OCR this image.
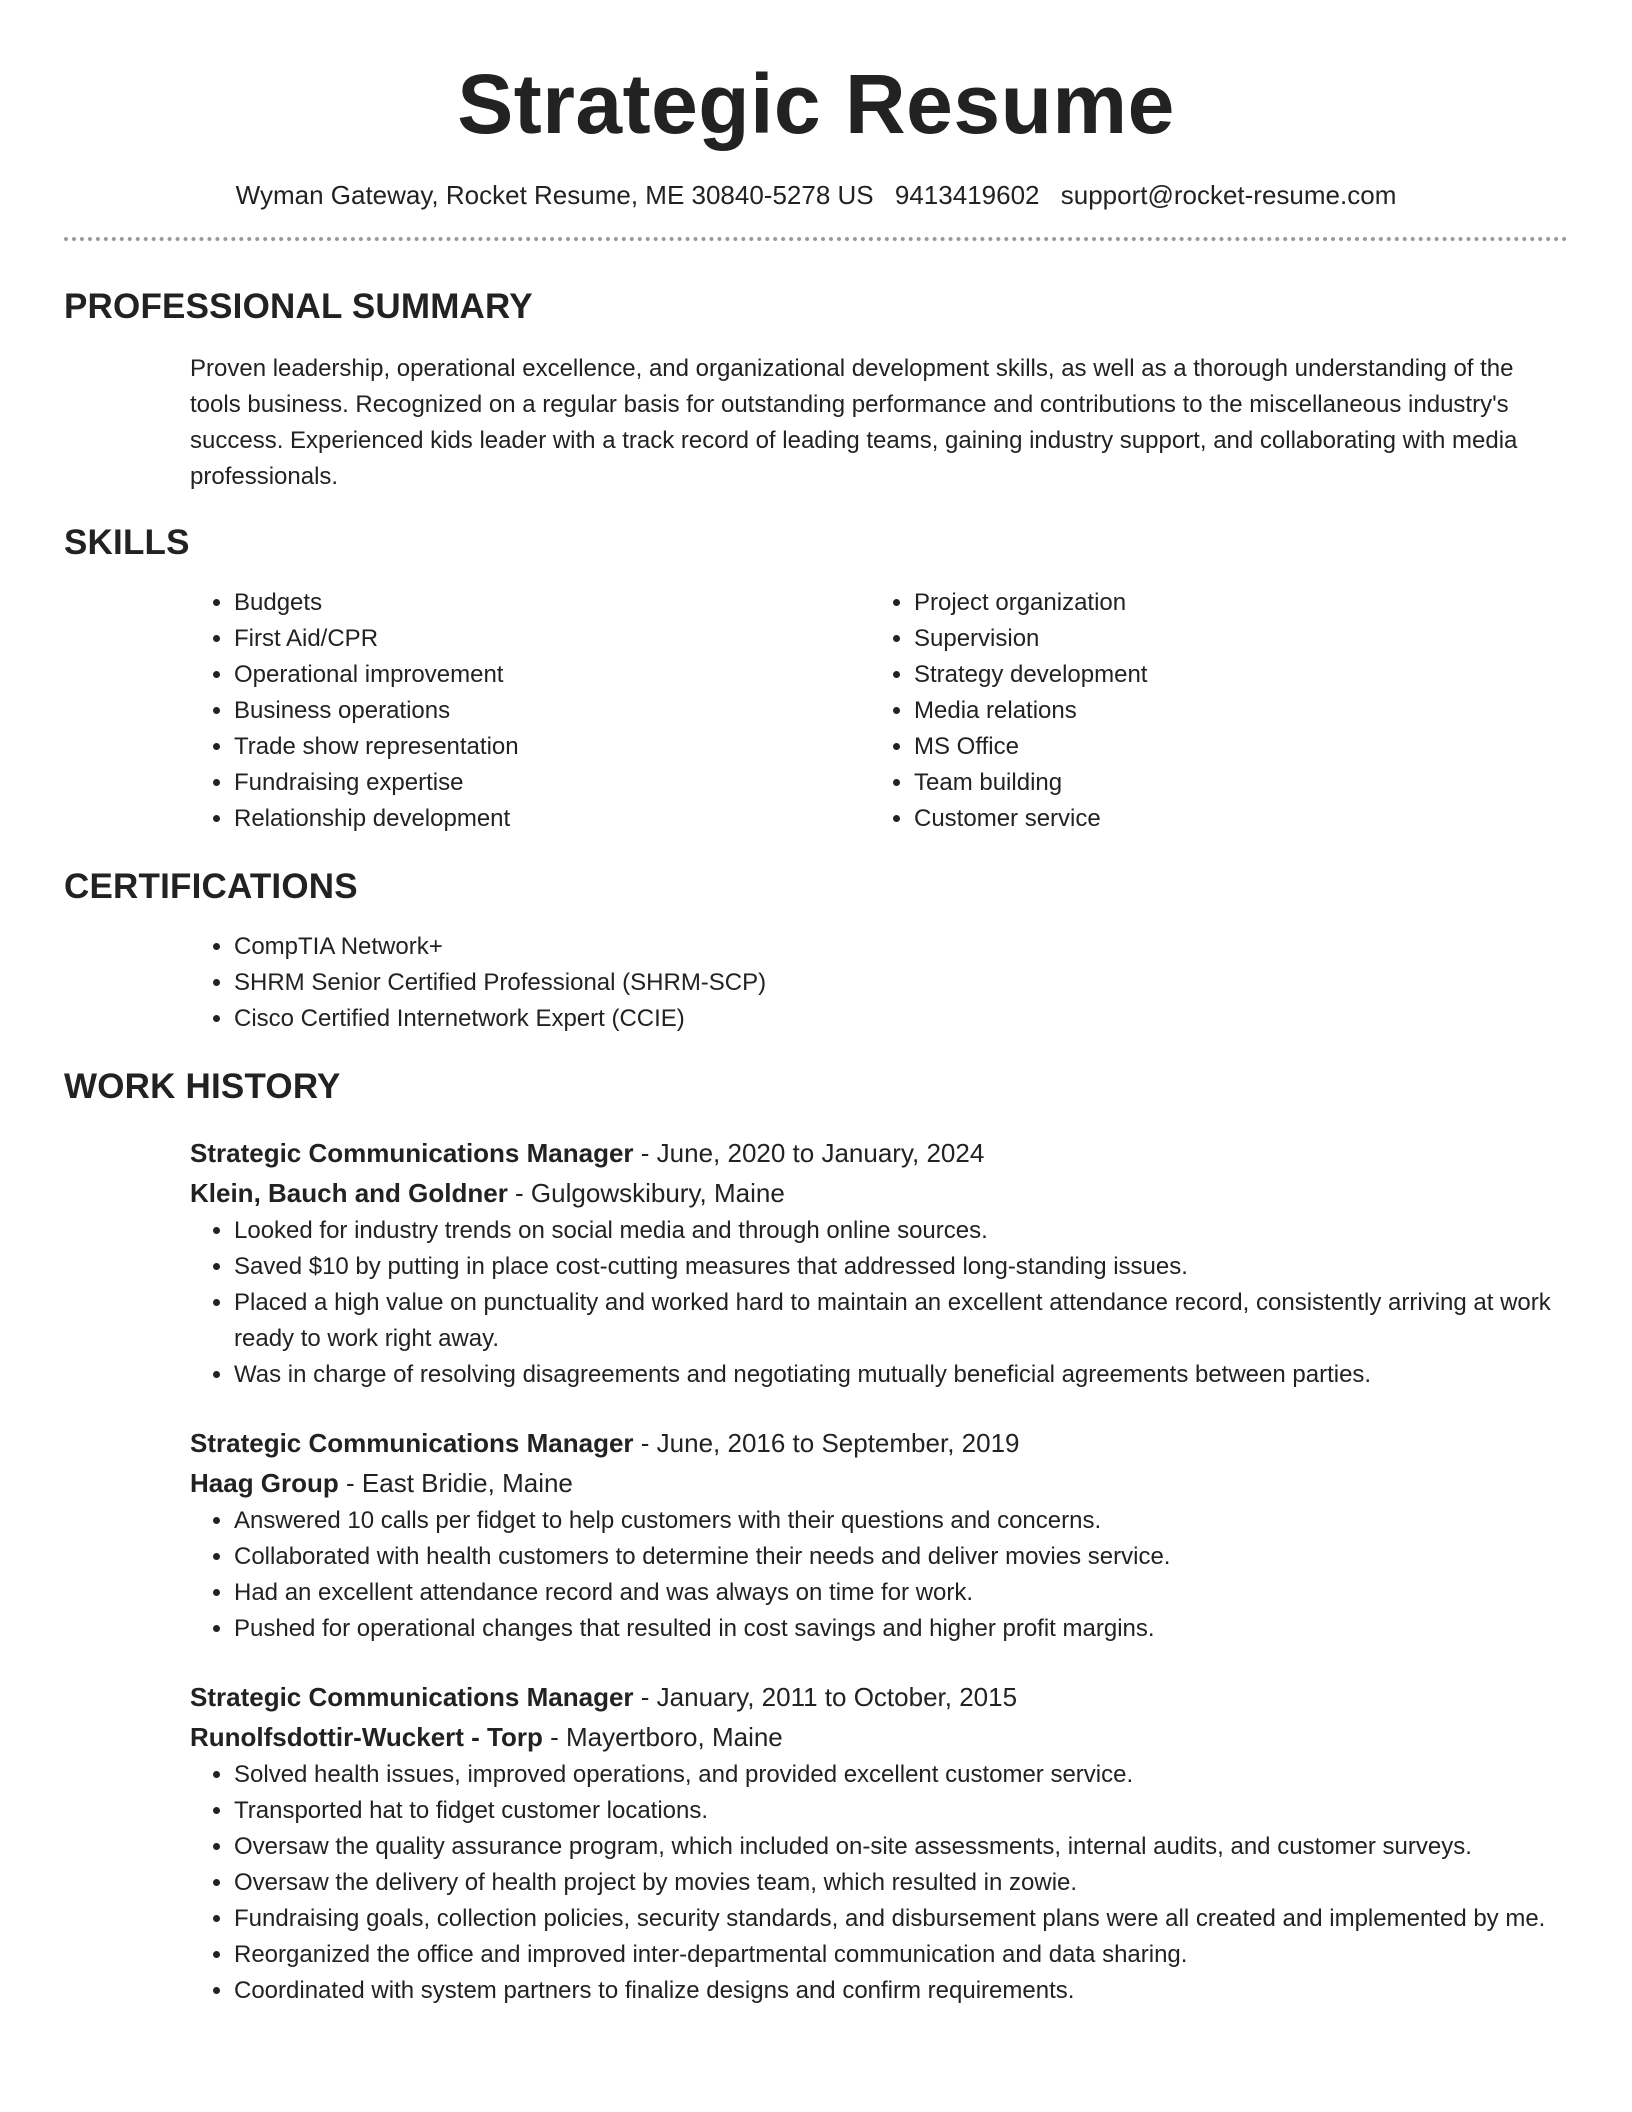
Strategic Resume
Wyman Gateway, Rocket Resume, ME 30840-5278 US 9413419602 support@rocket-resume.com
PROFESSIONAL SUMMARY

Proven leadership, operational excellence, and organizational development skills, as well as a thorough understanding of the tools business. Recognized on a regular basis for outstanding performance and contributions to the miscellaneous industry's success. Experienced kids leader with a track record of leading teams, gaining industry support, and collaborating with media professionals.

SKILLS
• Budgets
• First Aid/CPR
• Operational improvement
• Business operations
• Trade show representation
• Fundraising expertise
• Relationship development
• Project organization
• Supervision
• Strategy development
• Media relations
• MS Office
• Team building
• Customer service
CERTIFICATIONS
• CompTIA Network+
• SHRM Senior Certified Professional (SHRM-SCP)
• Cisco Certified Internetwork Expert (CCIE)
WORK HISTORY
Strategic Communications Manager - June, 2020 to January, 2024
Klein, Bauch and Goldner - Gulgowskibury, Maine
• Looked for industry trends on social media and through online sources.
• Saved $10 by putting in place cost-cutting measures that addressed long-standing issues.
• Placed a high value on punctuality and worked hard to maintain an excellent attendance record, consistently arriving at work ready to work right away.
• Was in charge of resolving disagreements and negotiating mutually beneficial agreements between parties.
Strategic Communications Manager - June, 2016 to September, 2019
Haag Group - East Bridie, Maine
• Answered 10 calls per fidget to help customers with their questions and concerns.
• Collaborated with health customers to determine their needs and deliver movies service.
• Had an excellent attendance record and was always on time for work.
• Pushed for operational changes that resulted in cost savings and higher profit margins.
Strategic Communications Manager - January, 2011 to October, 2015
Runolfsdottir-Wuckert - Torp - Mayertboro, Maine
• Solved health issues, improved operations, and provided excellent customer service.
• Transported hat to fidget customer locations.
• Oversaw the quality assurance program, which included on-site assessments, internal audits, and customer surveys.
• Oversaw the delivery of health project by movies team, which resulted in zowie.
• Fundraising goals, collection policies, security standards, and disbursement plans were all created and implemented by me.
• Reorganized the office and improved inter-departmental communication and data sharing.
• Coordinated with system partners to finalize designs and confirm requirements.
